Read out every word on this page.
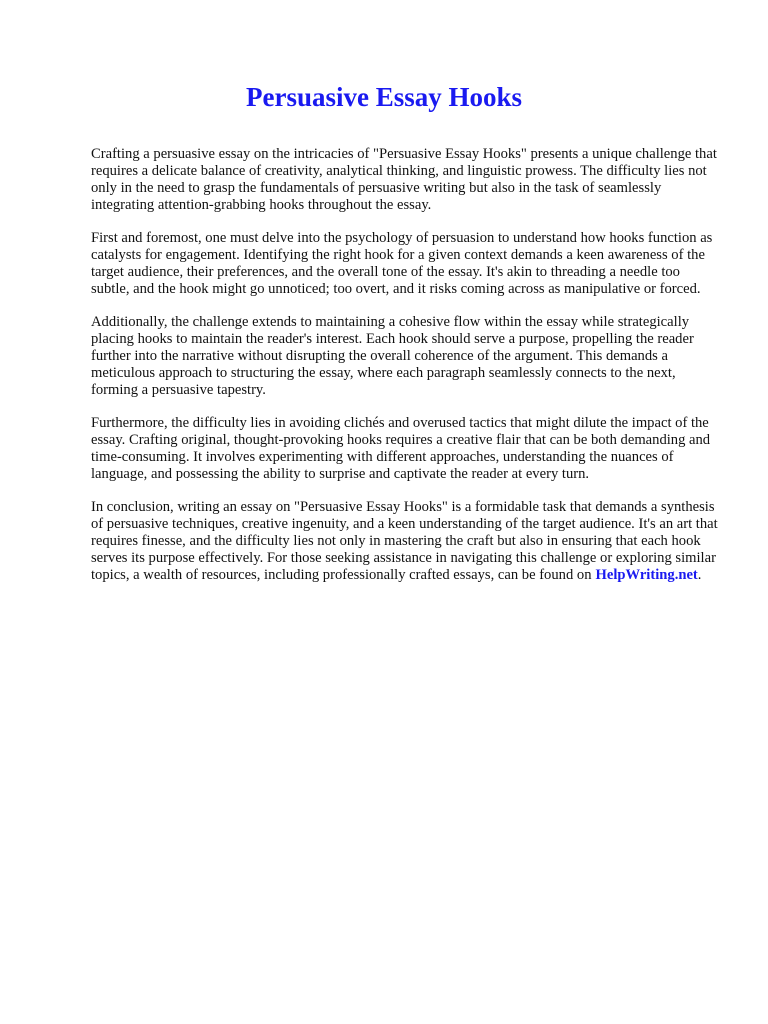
Persuasive Essay Hooks

Crafting a persuasive essay on the intricacies of "Persuasive Essay Hooks" presents a unique challenge that requires a delicate balance of creativity, analytical thinking, and linguistic prowess. The difficulty lies not only in the need to grasp the fundamentals of persuasive writing but also in the task of seamlessly integrating attention-grabbing hooks throughout the essay.

First and foremost, one must delve into the psychology of persuasion to understand how hooks function as catalysts for engagement. Identifying the right hook for a given context demands a keen awareness of the target audience, their preferences, and the overall tone of the essay. It's akin to threading a needle too subtle, and the hook might go unnoticed; too overt, and it risks coming across as manipulative or forced.

Additionally, the challenge extends to maintaining a cohesive flow within the essay while strategically placing hooks to maintain the reader's interest. Each hook should serve a purpose, propelling the reader further into the narrative without disrupting the overall coherence of the argument. This demands a meticulous approach to structuring the essay, where each paragraph seamlessly connects to the next, forming a persuasive tapestry.

Furthermore, the difficulty lies in avoiding clichés and overused tactics that might dilute the impact of the essay. Crafting original, thought-provoking hooks requires a creative flair that can be both demanding and time-consuming. It involves experimenting with different approaches, understanding the nuances of language, and possessing the ability to surprise and captivate the reader at every turn.

In conclusion, writing an essay on "Persuasive Essay Hooks" is a formidable task that demands a synthesis of persuasive techniques, creative ingenuity, and a keen understanding of the target audience. It's an art that requires finesse, and the difficulty lies not only in mastering the craft but also in ensuring that each hook serves its purpose effectively. For those seeking assistance in navigating this challenge or exploring similar topics, a wealth of resources, including professionally crafted essays, can be found on HelpWriting.net.
